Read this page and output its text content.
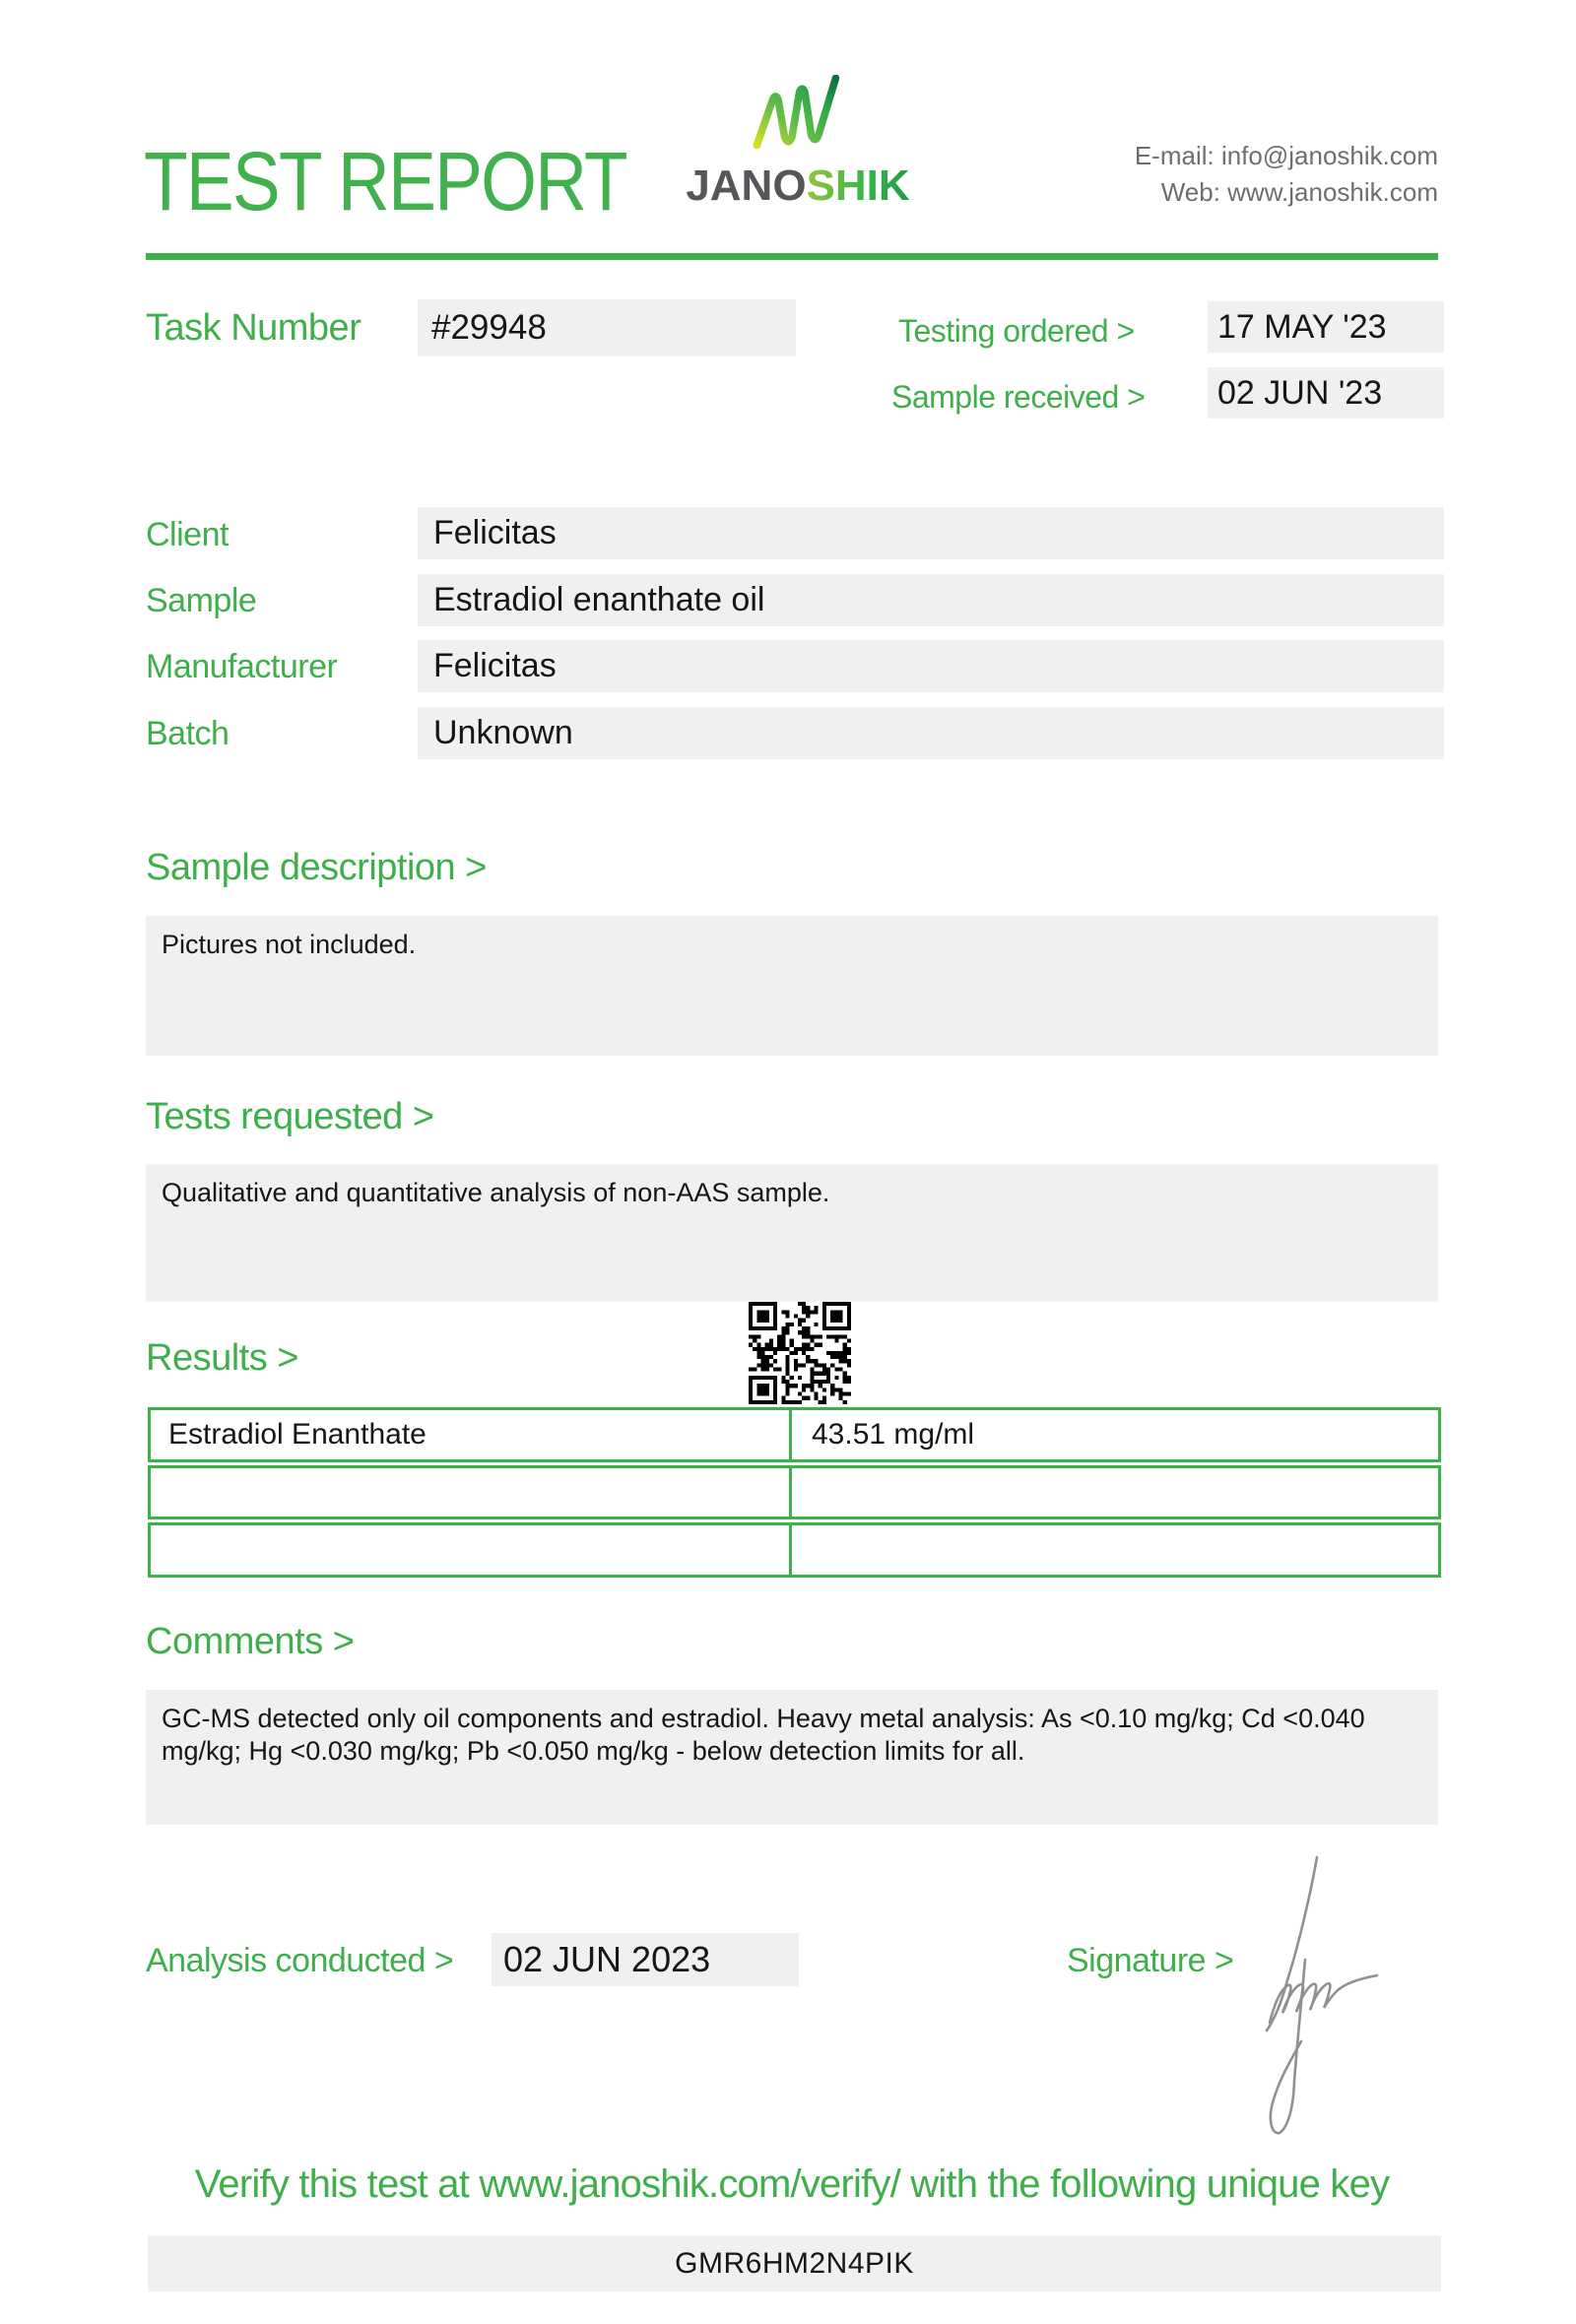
TEST REPORT JANOSHIK
E-mail: info@janoshik.com
Web: www.janoshik.com
Task Number	#29948	Testing ordered > 17 MAY '23
Sample received > 02 JUN '23
Client	Felicitas
Sample	Estradiol enanthate oil
Manufacturer	Felicitas
Batch	Unknown
Sample description >
Pictures not included.
Tests requested >
Qualitative and quantitative analysis of non-AAS sample.
Results >
Estradiol Enanthate	43.51 mg/ml
Comments >
GC-MS detected only oil components and estradiol. Heavy metal analysis: As <0.10 mg/kg; Cd <0.040 mg/kg; Hg <0.030 mg/kg; Pb <0.050 mg/kg - below detection limits for all.
Analysis conducted >	02 JUN 2023	Signature >
Verify this test at www.janoshik.com/verify/ with the following unique key
GMR6HM2N4PIK
